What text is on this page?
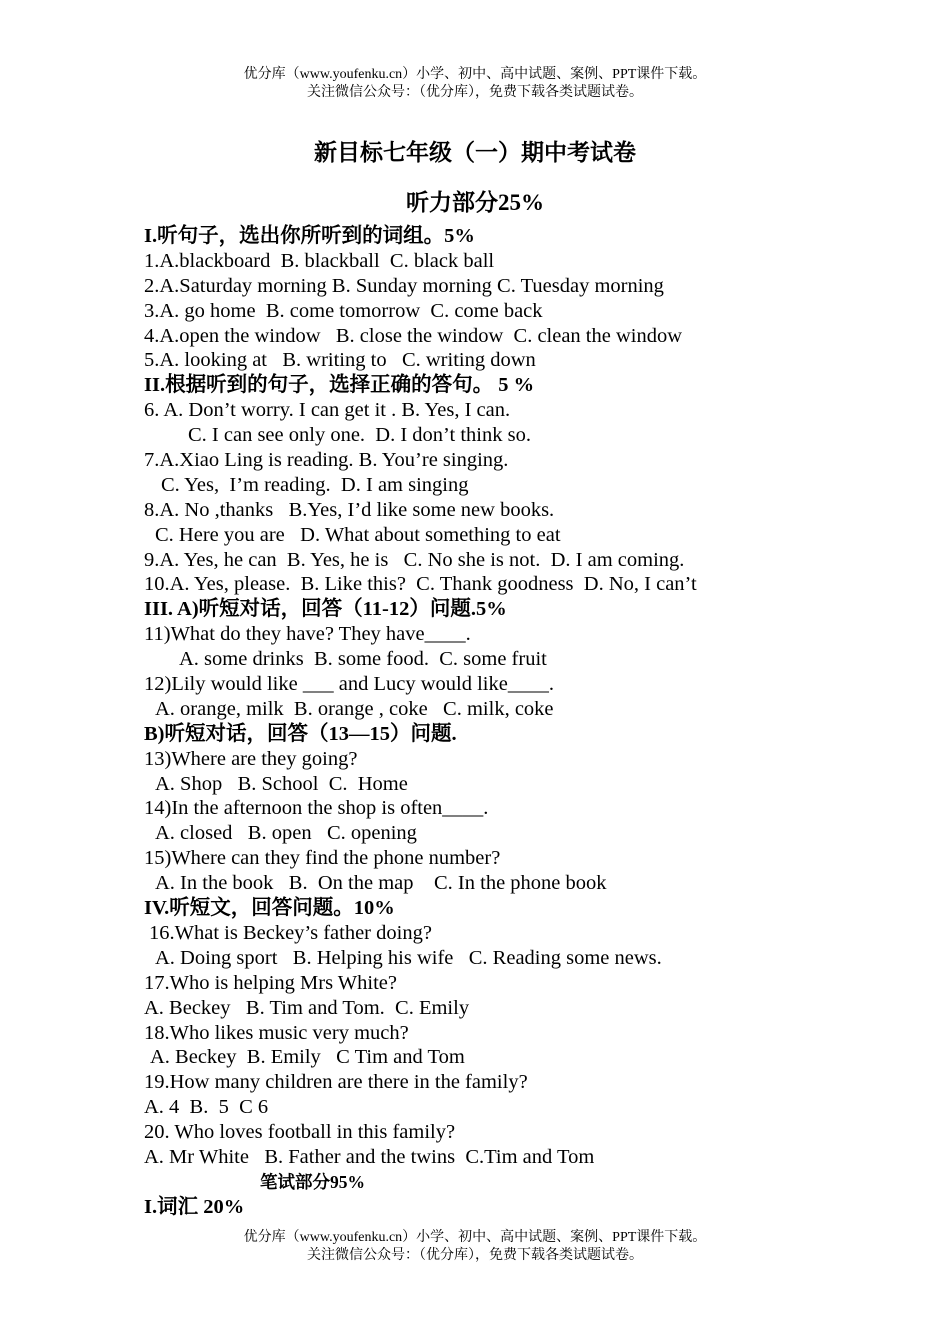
优分库（www.youfenku.cn）小学、初中、高中试题、案例、PPT课件下载。
关注微信公众号：（优分库），免费下载各类试题试卷。
新目标七年级（一）期中考试卷
听力部分25%
I.听句子，选出你所听到的词组。5%
1.A.blackboard  B. blackball  C. black ball
2.A.Saturday morning B. Sunday morning C. Tuesday morning
3.A. go home  B. come tomorrow  C. come back
4.A.open the window   B. close the window  C. clean the window
5.A. looking at   B. writing to   C. writing down
II.根据听到的句子，选择正确的答句。 5 %
6. A. Don’t worry. I can get it . B. Yes, I can.
C. I can see only one.  D. I don’t think so.
7.A.Xiao Ling is reading. B. You’re singing.
C. Yes,  I’m reading.  D. I am singing
8.A. No ,thanks   B.Yes, I’d like some new books.
C. Here you are   D. What about something to eat
9.A. Yes, he can  B. Yes, he is   C. No she is not.  D. I am coming.
10.A. Yes, please.  B. Like this?  C. Thank goodness  D. No, I can’t
III. A)听短对话，回答（11-12）问题.5%
11)What do they have? They have____.
A. some drinks  B. some food.  C. some fruit
12)Lily would like ___ and Lucy would like____.
A. orange, milk  B. orange , coke   C. milk, coke
B)听短对话，回答（13—15）问题.
13)Where are they going?
A. Shop   B. School  C.  Home
14)In the afternoon the shop is often____.
A. closed   B. open   C. opening
15)Where can they find the phone number?
A. In the book   B.  On the map    C. In the phone book
IV.听短文，回答问题。10%
16.What is Beckey’s father doing?
A. Doing sport   B. Helping his wife   C. Reading some news.
17.Who is helping Mrs White?
A. Beckey   B. Tim and Tom.  C. Emily
18.Who likes music very much?
A. Beckey  B. Emily   C Tim and Tom
19.How many children are there in the family?
A. 4  B.  5  C 6
20. Who loves football in this family?
A. Mr White   B. Father and the twins  C.Tim and Tom
笔试部分95%
I.词汇 20%
优分库（www.youfenku.cn）小学、初中、高中试题、案例、PPT课件下载。
关注微信公众号：（优分库），免费下载各类试题试卷。
